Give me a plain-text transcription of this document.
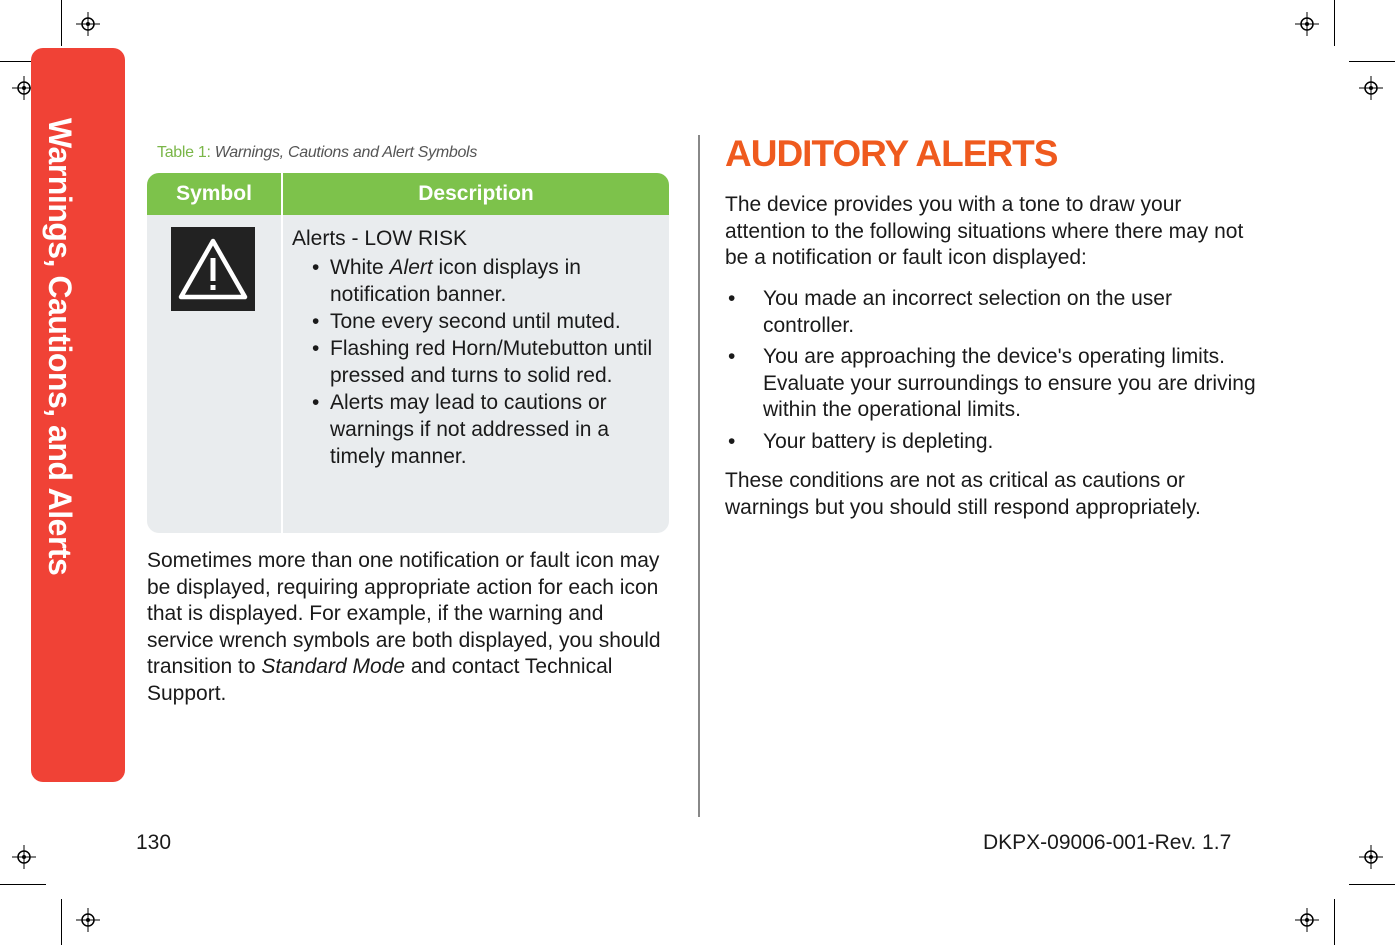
Warnings, Cautions, and Alerts	Table 1: Warnings, Cautions and Alert Symbols
Symbol	Description
Alerts - LOW RISK
• White Alert icon displays in notification banner.
• Tone every second until muted.
• Flashing red Horn/Mutebutton until pressed and turns to solid red.
• Alerts may lead to cautions or warnings if not addressed in a timely manner.
Sometimes more than one notification or fault icon may be displayed, requiring appropriate action for each icon that is displayed. For example, if the warning and service wrench symbols are both displayed, you should transition to Standard Mode and contact Technical Support.
AUDITORY ALERTS
The device provides you with a tone to draw your attention to the following situations where there may not be a notification or fault icon displayed:
• You made an incorrect selection on the user controller.
• You are approaching the device's operating limits. Evaluate your surroundings to ensure you are driving within the operational limits.
• Your battery is depleting.
These conditions are not as critical as cautions or warnings but you should still respond appropriately.
130	DKPX-09006-001-Rev. 1.7
